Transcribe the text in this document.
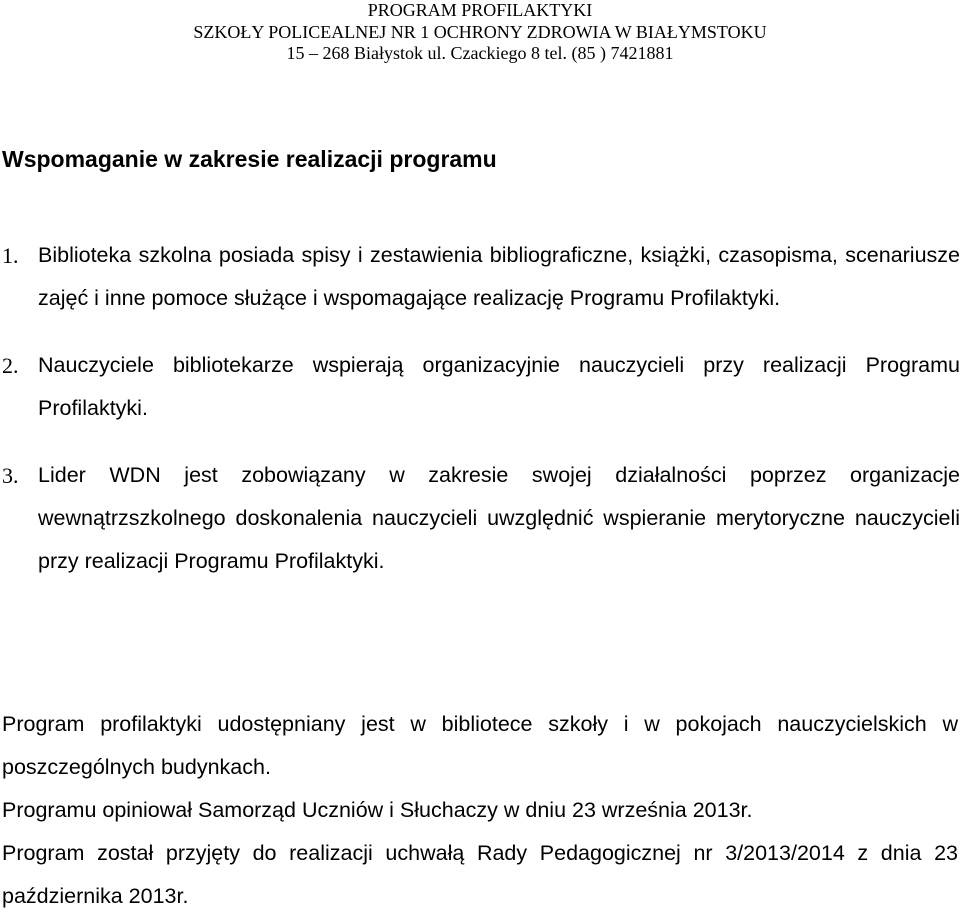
PROGRAM PROFILAKTYKI
SZKOŁY POLICEALNEJ NR 1 OCHRONY ZDROWIA W BIAŁYMSTOKU
15 – 268 Białystok ul. Czackiego 8 tel. (85 ) 7421881
Wspomaganie w zakresie realizacji programu
1. Biblioteka szkolna posiada spisy i zestawienia bibliograficzne, książki, czasopisma, scenariusze zajęć i inne pomoce służące i wspomagające realizację Programu Profilaktyki.
2. Nauczyciele bibliotekarze wspierają organizacyjnie nauczycieli przy realizacji Programu Profilaktyki.
3. Lider WDN jest zobowiązany w zakresie swojej działalności poprzez organizacje wewnątrzszkolnego doskonalenia nauczycieli uwzględnić wspieranie merytoryczne nauczycieli przy realizacji Programu Profilaktyki.

Program profilaktyki udostępniany jest w bibliotece szkoły i w pokojach nauczycielskich w poszczególnych budynkach.

Programu opiniował Samorząd Uczniów i Słuchaczy w dniu 23 września 2013r.

Program został przyjęty do realizacji uchwałą Rady Pedagogicznej nr 3/2013/2014 z dnia 23 października 2013r.
